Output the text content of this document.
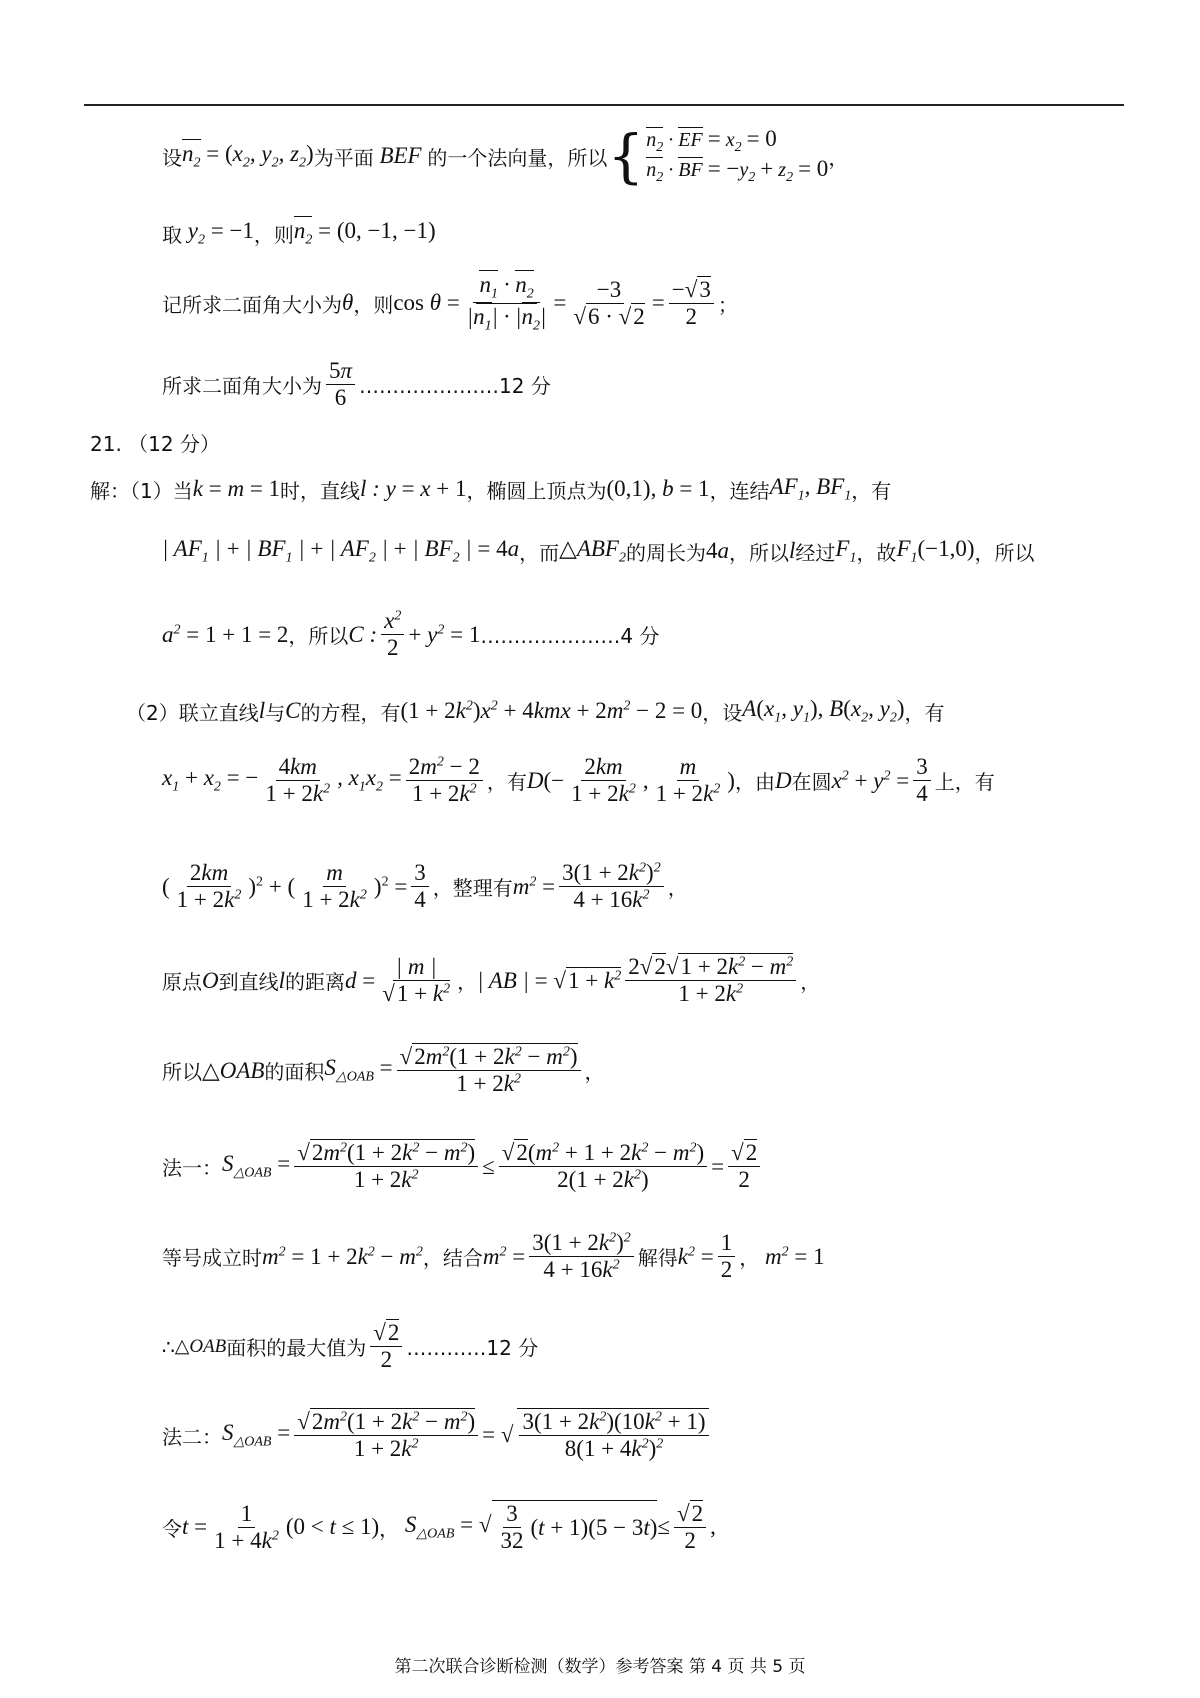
设 $n_2 = (x_2$, $y_2$, $z_2$) 为平面 BEF 的一个法向量，所以 { $n_2$ · EF = $x_2 = 0$
$n_2$ · BF = $-y_2 + z_2 = 0$ ，
取 $y_2 = -1$ ，则 $n_2 = (0$, −1, −1)
记所求二面角大小为 θ ，则 $\cos \theta = \frac{n_1 \cdot n_2}{|n_1| \cdot |n_2|} = \frac{-3}{√6 \cdot √2} = \frac{-√3}{2}$ ；
所求二面角大小为 $\frac{5\pi}{6}$ …………………12 分
21. （12 分）
解：（1）当 k = m = 1 时，直线 l : y = x + 1 ，椭圆上顶点为 (0,1), b = 1 ，连结 $AF_1$, $BF_1$ ，有
| $AF_1$ | + | $BF_1$ | + | $AF_2$ | + | $BF_2$ | = 4a ，而 $\triangle ABF_2$ 的周长为 4a ，所以 l 经过 $F_1$ ，故 $F_1(-1,0)$ ，所以
$a^2 = 1 + 1 = 2$ ，所以 C : $\frac{x^2}{2} + y^2 = 1$ …………………4 分
（2）联立直线 l 与 C 的方程，有 $(1 + 2k^2)x^2 + 4kmx + 2m^2 - 2 = 0$ ，设 $A(x_1$, $y_1$), $B(x_2$, $y_2$) ，有
$x_1 + x_2$ = − $\frac{4km}{1 + 2k^2}$ , $x_1x_2 = \frac{2m^2 - 2}{1 + 2k^2}$ ，有 $D(- \frac{2km}{1 + 2k^2}$ , $\frac{m}{1 + 2k^2}$ ) ，由 D 在圆 $x^2 + y^2 = \frac{3}{4}$ 上，有
( $\frac{2km}{1 + 2k^2} )^2$ + ( $\frac{m}{1 + 2k^2} )^2 = \frac{3}{4}$ ，整理有 $m^2 = \frac{3(1 + 2k^2)^2}{4 + 16k^2}$ ，
原点 O 到直线 l 的距离 $d = \frac{| m |}{√1 + k^2}$ ， | AB | = $√1 + k^2 \frac{2√2√1 + 2k^2 - m^2}{1 + 2k^2}$ ，
所以 △OAB 的面积 $S_{\triangle OAB} = \frac{√2m^2(1 + 2k^2 - m^2)}{1 + 2k^2}$ ，
法一： $S_{\triangle OAB} = \frac{√2m^2(1 + 2k^2 - m^2)}{1 + 2k^2} \le \frac{√2(m^2 + 1 + 2k^2 - m^2)}{2(1 + 2k^2)} = \frac{√2}{2}$
等号成立时 $m^2 = 1 + 2k^2 - m^2$ ，结合 $m^2 = \frac{3(1 + 2k^2)^2}{4 + 16k^2}$ 解得 $k^2 = \frac{1}{2}$ ， $m^2 = 1$
∴ △OAB 面积的最大值为 $\frac{√2}{2}$ …………12 分
法二： $S_{\triangle OAB} = \frac{√2m^2(1 + 2k^2 - m^2)}{1 + 2k^2}$ = √ $\frac{3(1 + 2k^2)(10k^2 + 1)}{8(1 + 4k^2)^2}$
令 $t = \frac{1}{1 + 4k^2} (0 < t \le 1)$ ， $S_{\triangle OAB}$ = √ $\frac{3}{32} (t + 1)(5 - 3t) \le \frac{√2}{2}$ ,
第二次联合诊断检测（数学）参考答案 第 4 页 共 5 页
